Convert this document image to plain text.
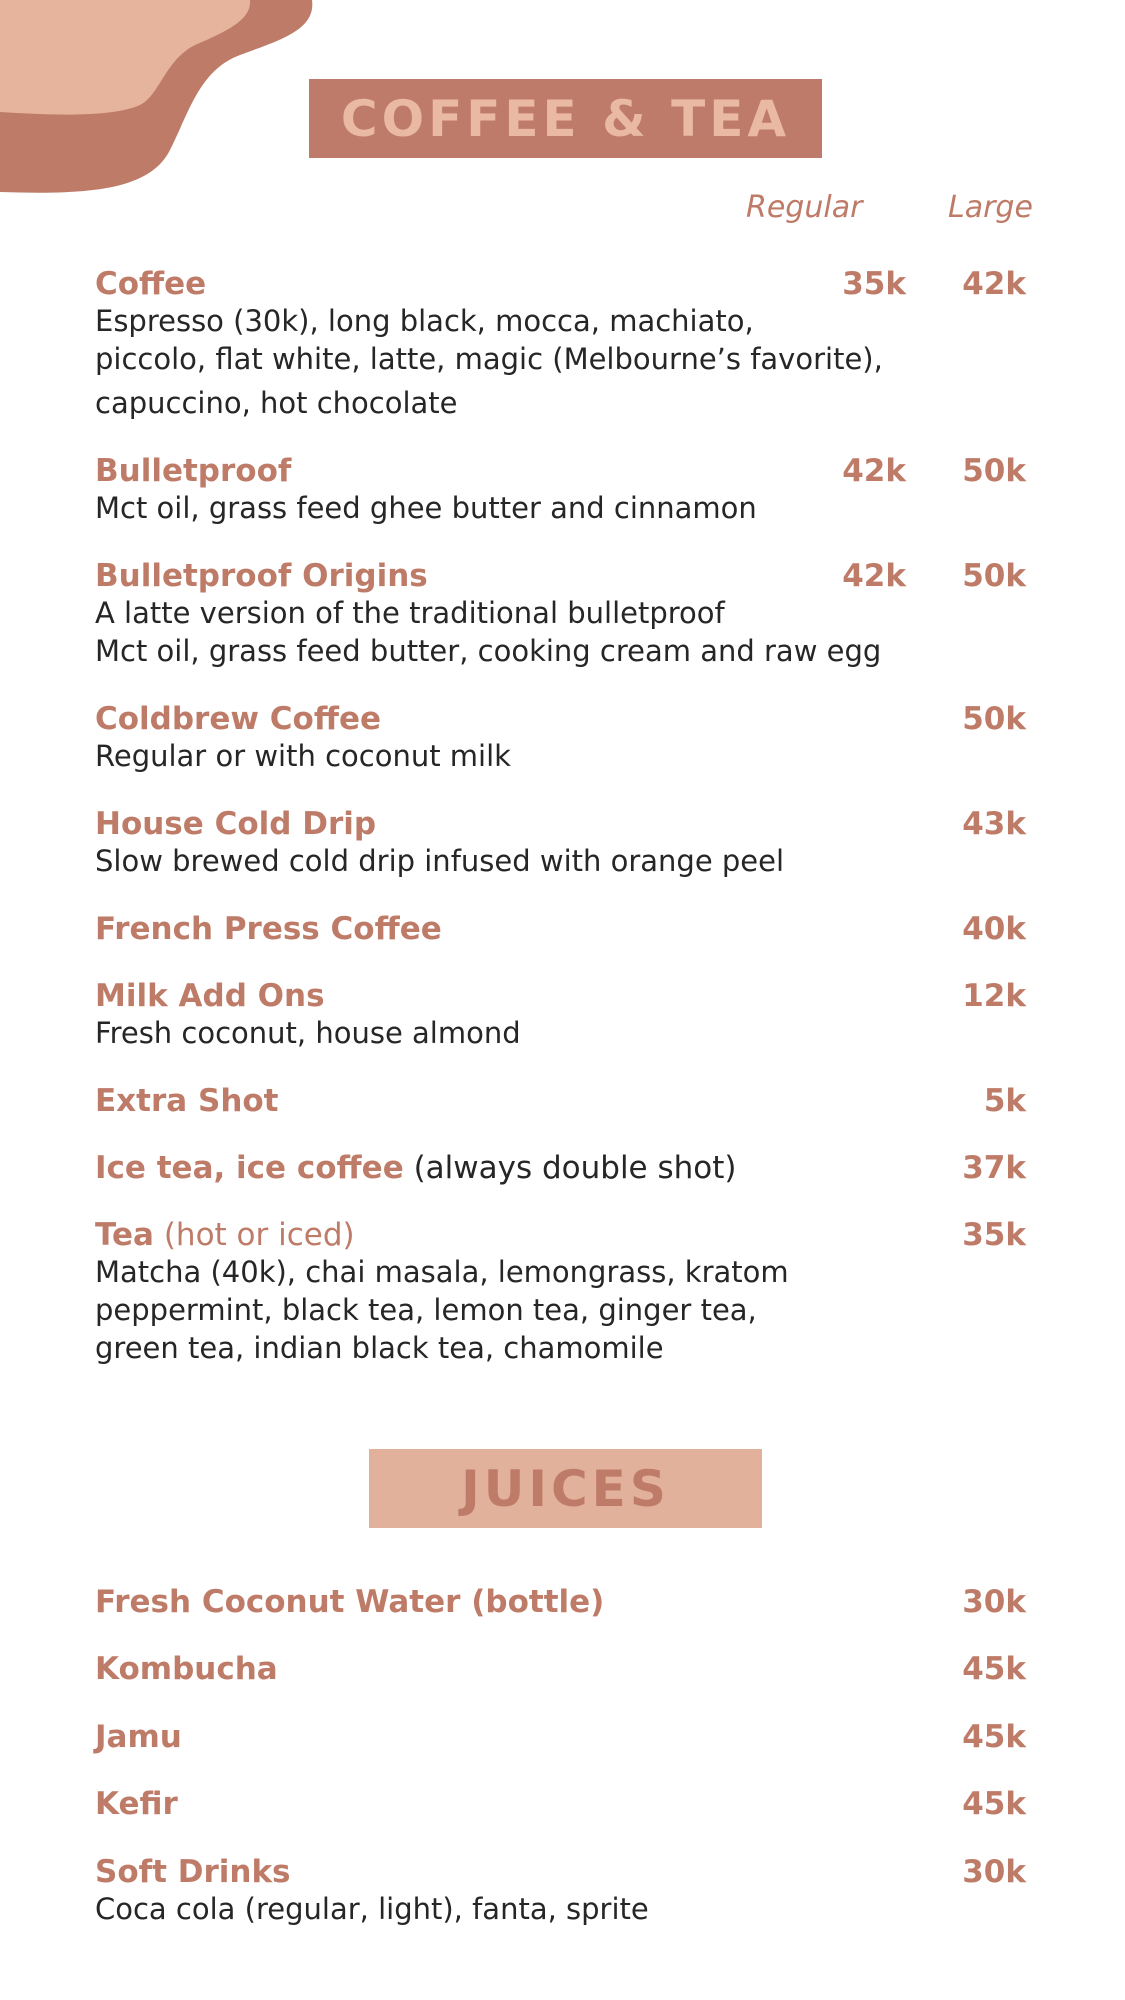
COFFEE & TEA
Regular	Large
Coffee	35k 42k
Espresso (30k), long black, mocca, machiato,
piccolo, flat white, latte, magic (Melbourne’s favorite),
capuccino, hot chocolate
Bulletproof	42k 50k
Mct oil, grass feed ghee butter and cinnamon
Bulletproof Origins	42k 50k
A latte version of the traditional bulletproof
Mct oil, grass feed butter, cooking cream and raw egg
Coldbrew Coffee	50k
Regular or with coconut milk
House Cold Drip	43k
Slow brewed cold drip infused with orange peel
French Press Coffee	40k
Milk Add Ons	12k
Fresh coconut, house almond
Extra Shot	5k
Ice tea, ice coffee (always double shot)	37k
Tea (hot or iced)	35k
Matcha (40k), chai masala, lemongrass, kratom
peppermint, black tea, lemon tea, ginger tea,
green tea, indian black tea, chamomile
JUICES
Fresh Coconut Water (bottle)	30k
Kombucha	45k
Jamu	45k
Kefir	45k
Soft Drinks	30k
Coca cola (regular, light), fanta, sprite
